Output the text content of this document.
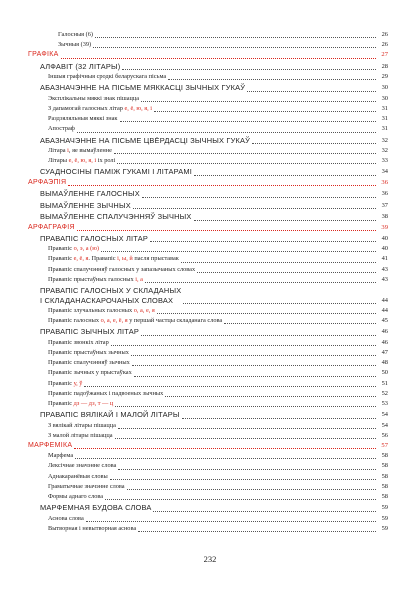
Галосныя (6)	26
Зычныя (39)	26
ГРАФІКА	27
АЛФАВІТ (32 ЛІТАРЫ)	28
Іншыя графічныя сродкі беларускага пісьма	29
АБАЗНАЧЭННЕ НА ПІСЬМЕ МЯККАСЦІ ЗЫЧНЫХ ГУКАЎ	30
Эксплікальны мяккі знак пішацца	30
З дапамогай галосных літар е, ё, ю, я, і	31
Раздзяляльныя мяккі знак	31
Апостраф	31
АБАЗНАЧЭННЕ НА ПІСЬМЕ ЦВЁРДАСЦІ ЗЫЧНЫХ ГУКАЎ	32
Літара і, яе вымаўленне	32
Літары е, ё, ю, я, і іх ролі	33
СУАДНОСІНЫ ПАМІЖ ГУКАМІ І ЛІТАРАМІ	34
АРФАЭПІЯ	36
ВЫМАЎЛЕННЕ ГАЛОСНЫХ	36
ВЫМАЎЛЕННЕ ЗЫЧНЫХ	37
ВЫМАЎЛЕННЕ СПАЛУЧЭННЯЎ ЗЫЧНЫХ	38
АРФАГРАФІЯ	39
ПРАВАПІС ГАЛОСНЫХ ЛІТАР	40
Правапіс о, э, а (ю)	40
Правапіс е, ё, я. Правапіс і, ы, й пасля прыставак	41
Правапіс спалучэнняў галосных у запазычаных словах	43
Правапіс прыстаўных галосных і, а	43
ПРАВАПІС ГАЛОСНЫХ У СКЛАДАНЫХ
І СКЛАДАНАСКАРОЧАНЫХ СЛОВАХ	44
Правапіс злучальных галосных о, а, е, я	44
Правапіс галосных о, а, е, ё, я у першай частцы складанага слова	45
ПРАВАПІС ЗЫЧНЫХ ЛІТАР	46
Правапіс звонкіх літар	46
Правапіс прыстаўных зычных	47
Правапіс спалучэнняў зычных	48
Правапіс зычных у прыстаўках	50
Правапіс у, ў	51
Правапіс падоўжаных і падвоеных зычных	52
Правапіс дз — дз, т — ц	53
ПРАВАПІС ВЯЛІКАЙ І МАЛОЙ ЛІТАРЫ	54
З вялікай літары пішацца	54
З малой літары пішацца	56
МАРФЕМІКА	57
Марфема	58
Лексічнае значэнне слова	58
Аднакаранёвыя словы	58
Граматычнае значэнне слова	58
Формы аднаго слова	58
МАРФЕМНАЯ БУДОВА СЛОВА	59
Аснова слова	59
Вытворная і невытворная аснова	59
232
